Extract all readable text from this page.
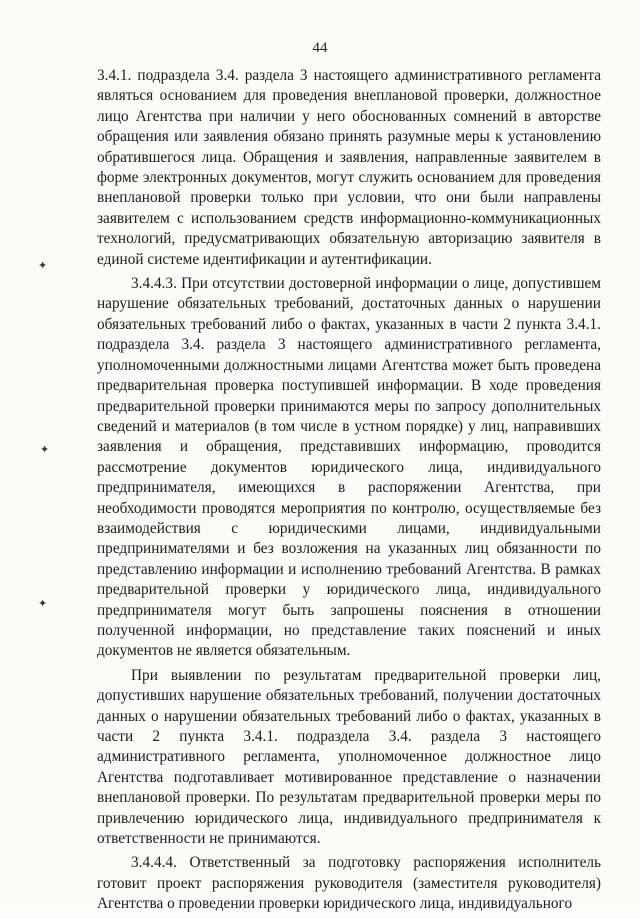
44

3.4.1. подраздела 3.4. раздела 3 настоящего административного регламента являться основанием для проведения внеплановой проверки, должностное лицо Агентства при наличии у него обоснованных сомнений в авторстве обращения или заявления обязано принять разумные меры к установлению обратившегося лица. Обращения и заявления, направленные заявителем в форме электронных документов, могут служить основанием для проведения внеплановой проверки только при условии, что они были направлены заявителем с использованием средств информационно-коммуникационных технологий, предусматривающих обязательную авторизацию заявителя в единой системе идентификации и аутентификации.

3.4.4.3. При отсутствии достоверной информации о лице, допустившем нарушение обязательных требований, достаточных данных о нарушении обязательных требований либо о фактах, указанных в части 2 пункта 3.4.1. подраздела 3.4. раздела 3 настоящего административного регламента, уполномоченными должностными лицами Агентства может быть проведена предварительная проверка поступившей информации. В ходе проведения предварительной проверки принимаются меры по запросу дополнительных сведений и материалов (в том числе в устном порядке) у лиц, направивших заявления и обращения, представивших информацию, проводится рассмотрение документов юридического лица, индивидуального предпринимателя, имеющихся в распоряжении Агентства, при необходимости проводятся мероприятия по контролю, осуществляемые без взаимодействия с юридическими лицами, индивидуальными предпринимателями и без возложения на указанных лиц обязанности по представлению информации и исполнению требований Агентства. В рамках предварительной проверки у юридического лица, индивидуального предпринимателя могут быть запрошены пояснения в отношении полученной информации, но представление таких пояснений и иных документов не является обязательным.

При выявлении по результатам предварительной проверки лиц, допустивших нарушение обязательных требований, получении достаточных данных о нарушении обязательных требований либо о фактах, указанных в части 2 пункта 3.4.1. подраздела 3.4. раздела 3 настоящего административного регламента, уполномоченное должностное лицо Агентства подготавливает мотивированное представление о назначении внеплановой проверки. По результатам предварительной проверки меры по привлечению юридического лица, индивидуального предпринимателя к ответственности не принимаются.

3.4.4.4. Ответственный за подготовку распоряжения исполнитель готовит проект распоряжения руководителя (заместителя руководителя) Агентства о проведении проверки юридического лица, индивидуального

✦
✦
✦
